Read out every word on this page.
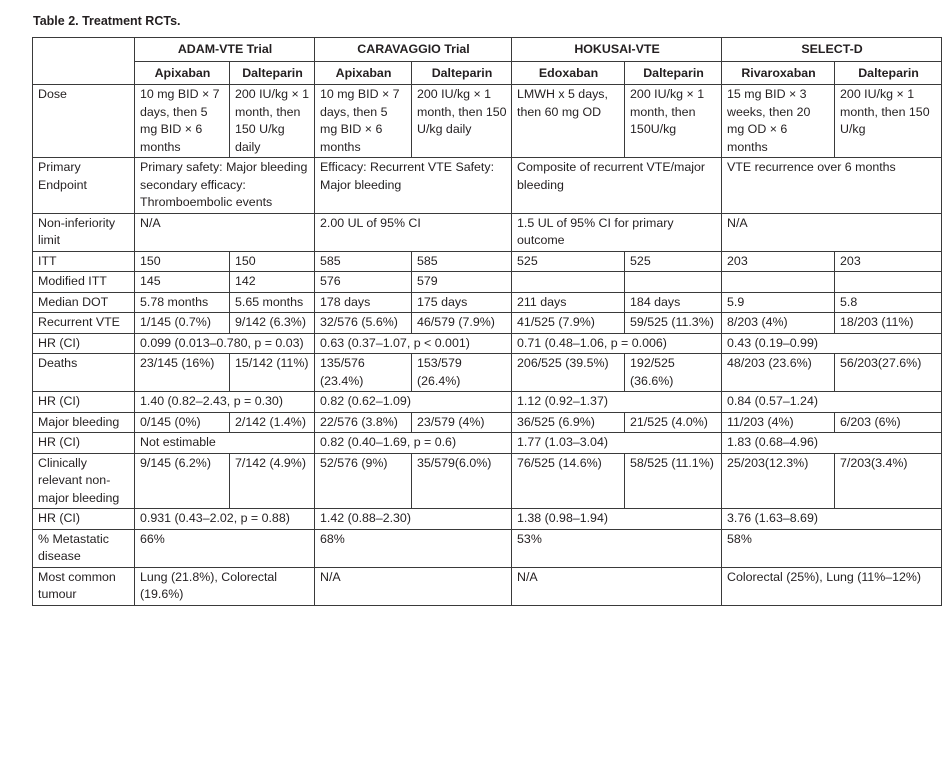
Table 2. Treatment RCTs.
	ADAM-VTE Trial		CARAVAGGIO Trial		HOKUSAI-VTE		SELECT-D	
	Apixaban	Dalteparin	Apixaban	Dalteparin	Edoxaban	Dalteparin	Rivaroxaban	Dalteparin
Dose	10 mg BID × 7 days, then 5 mg BID × 6 months	200 IU/kg × 1 month, then 150 U/kg daily	10 mg BID × 7 days, then 5 mg BID × 6 months	200 IU/kg × 1 month, then 150 U/kg daily	LMWH x 5 days, then 60 mg OD	200 IU/kg × 1 month, then 150U/kg	15 mg BID × 3 weeks, then 20 mg OD × 6 months	200 IU/kg × 1 month, then 150 U/kg
Primary Endpoint	Primary safety: Major bleeding secondary efficacy: Thromboembolic events		Efficacy: Recurrent VTE Safety: Major bleeding		Composite of recurrent VTE/major bleeding		VTE recurrence over 6 months	
Non-inferiority limit	N/A		2.00 UL of 95% CI		1.5 UL of 95% CI for primary outcome		N/A	
ITT	150	150	585	585	525	525	203	203
Modified ITT	145	142	576	579				
Median DOT	5.78 months	5.65 months	178 days	175 days	211 days	184 days	5.9	5.8
Recurrent VTE	1/145 (0.7%)	9/142 (6.3%)	32/576 (5.6%)	46/579 (7.9%)	41/525 (7.9%)	59/525 (11.3%)	8/203 (4%)	18/203 (11%)
HR (CI)	0.099 (0.013–0.780, p = 0.03)		0.63 (0.37–1.07, p < 0.001)		0.71 (0.48–1.06, p = 0.006)		0.43 (0.19–0.99)	
Deaths	23/145 (16%)	15/142 (11%)	135/576 (23.4%)	153/579 (26.4%)	206/525 (39.5%)	192/525 (36.6%)	48/203 (23.6%)	56/203(27.6%)
HR (CI)	1.40 (0.82–2.43, p = 0.30)		0.82 (0.62–1.09)		1.12 (0.92–1.37)		0.84 (0.57–1.24)	
Major bleeding	0/145 (0%)	2/142 (1.4%)	22/576 (3.8%)	23/579 (4%)	36/525 (6.9%)	21/525 (4.0%)	11/203 (4%)	6/203 (6%)
HR (CI)	Not estimable		0.82 (0.40–1.69, p = 0.6)		1.77 (1.03–3.04)		1.83 (0.68–4.96)	
Clinically relevant non-major bleeding	9/145 (6.2%)	7/142 (4.9%)	52/576 (9%)	35/579(6.0%)	76/525 (14.6%)	58/525 (11.1%)	25/203(12.3%)	7/203(3.4%)
HR (CI)	0.931 (0.43–2.02, p = 0.88)		1.42 (0.88–2.30)		1.38 (0.98–1.94)		3.76 (1.63–8.69)	
% Metastatic disease	66%		68%		53%		58%	
Most common tumour	Lung (21.8%), Colorectal (19.6%)		N/A		N/A		Colorectal (25%), Lung (11%–12%)	
